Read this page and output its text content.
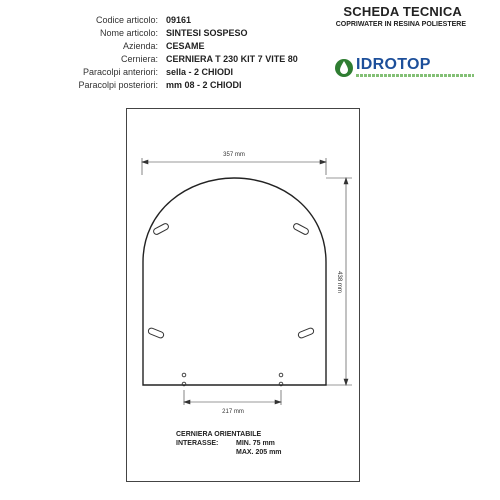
SCHEDA TECNICA
COPRIWATER IN RESINA POLIESTERE
IDROTOP
Codice articolo: 09161
Nome articolo: SINTESI SOSPESO
Azienda: CESAME
Cerniera: CERNIERA T 230 KIT 7 VITE 80
Paracolpi anteriori: sella - 2 CHIODI
Paracolpi posteriori: mm 08 - 2 CHIODI
357 mm
438 mm
217 mm
CERNIERA ORIENTABILE
INTERASSE:	MIN. 75 mm
MAX. 205 mm
